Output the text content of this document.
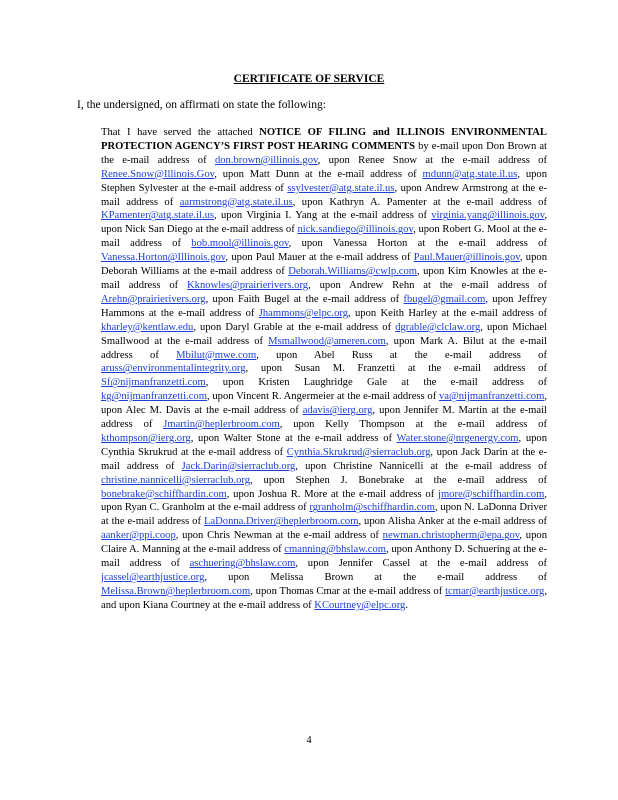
CERTIFICATE OF SERVICE
I, the undersigned, on affirmati on state the following:
That I have served the attached NOTICE OF FILING and ILLINOIS ENVIRONMENTAL PROTECTION AGENCY’S FIRST POST HEARING COMMENTS by e-mail upon Don Brown at the e-mail address of don.brown@illinois.gov, upon Renee Snow at the e-mail address of Renee.Snow@Illinois.Gov, upon Matt Dunn at the e-mail address of mdunn@atg.state.il.us, upon Stephen Sylvester at the e-mail address of ssylvester@atg.state.il.us, upon Andrew Armstrong at the e-mail address of aarmstrong@atg.state.il.us, upon Kathryn A. Pamenter at the e-mail address of KPamenter@atg.state.il.us, upon Virginia I. Yang at the e-mail address of virginia.yang@illinois.gov, upon Nick San Diego at the e-mail address of nick.sandiego@illinois.gov, upon Robert G. Mool at the e-mail address of bob.mool@illinois.gov, upon Vanessa Horton at the e-mail address of Vanessa.Horton@Illinois.gov, upon Paul Mauer at the e-mail address of Paul.Mauer@illinois.gov, upon Deborah Williams at the e-mail address of Deborah.Williams@cwlp.com, upon Kim Knowles at the e-mail address of Kknowles@prairierivers.org, upon Andrew Rehn at the e-mail address of Arehn@prairierivers.org, upon Faith Bugel at the e-mail address of fbugel@gmail.com, upon Jeffrey Hammons at the e-mail address of Jhammons@elpc.org, upon Keith Harley at the e-mail address of kharley@kentlaw.edu, upon Daryl Grable at the e-mail address of dgrable@clclaw.org, upon Michael Smallwood at the e-mail address of Msmallwood@ameren.com, upon Mark A. Bilut at the e-mail address of Mbilut@mwe.com, upon Abel Russ at the e-mail address of aruss@environmentalintegrity.org, upon Susan M. Franzetti at the e-mail address of Sf@nijmanfranzetti.com, upon Kristen Laughridge Gale at the e-mail address of kg@nijmanfranzetti.com, upon Vincent R. Angermeier at the e-mail address of va@nijmanfranzetti.com, upon Alec M. Davis at the e-mail address of adavis@ierg.org, upon Jennifer M. Martin at the e-mail address of Jmartin@heplerbroom.com, upon Kelly Thompson at the e-mail address of kthompson@ierg.org, upon Walter Stone at the e-mail address of Water.stone@nrgenergy.com, upon Cynthia Skrukrud at the e-mail address of Cynthia.Skrukrud@sierraclub.org, upon Jack Darin at the e-mail address of Jack.Darin@sierraclub.org, upon Christine Nannicelli at the e-mail address of christine.nannicelli@sierraclub.org, upon Stephen J. Bonebrake at the e-mail address of bonebrake@schiffhardin.com, upon Joshua R. More at the e-mail address of jmore@schiffhardin.com, upon Ryan C. Granholm at the e-mail address of rgranholm@schiffhardin.com, upon N. LaDonna Driver at the e-mail address of LaDonna.Driver@heplerbroom.com, upon Alisha Anker at the e-mail address of aanker@ppi.coop, upon Chris Newman at the e-mail address of newman.christopherm@epa.gov, upon Claire A. Manning at the e-mail address of cmanning@bhslaw.com, upon Anthony D. Schuering at the e-mail address of aschuering@bhslaw.com, upon Jennifer Cassel at the e-mail address of jcassel@earthjustice.org, upon Melissa Brown at the e-mail address of Melissa.Brown@heplerbroom.com, upon Thomas Cmar at the e-mail address of tcmar@earthjustice.org, and upon Kiana Courtney at the e-mail address of KCourtney@elpc.org.
4
